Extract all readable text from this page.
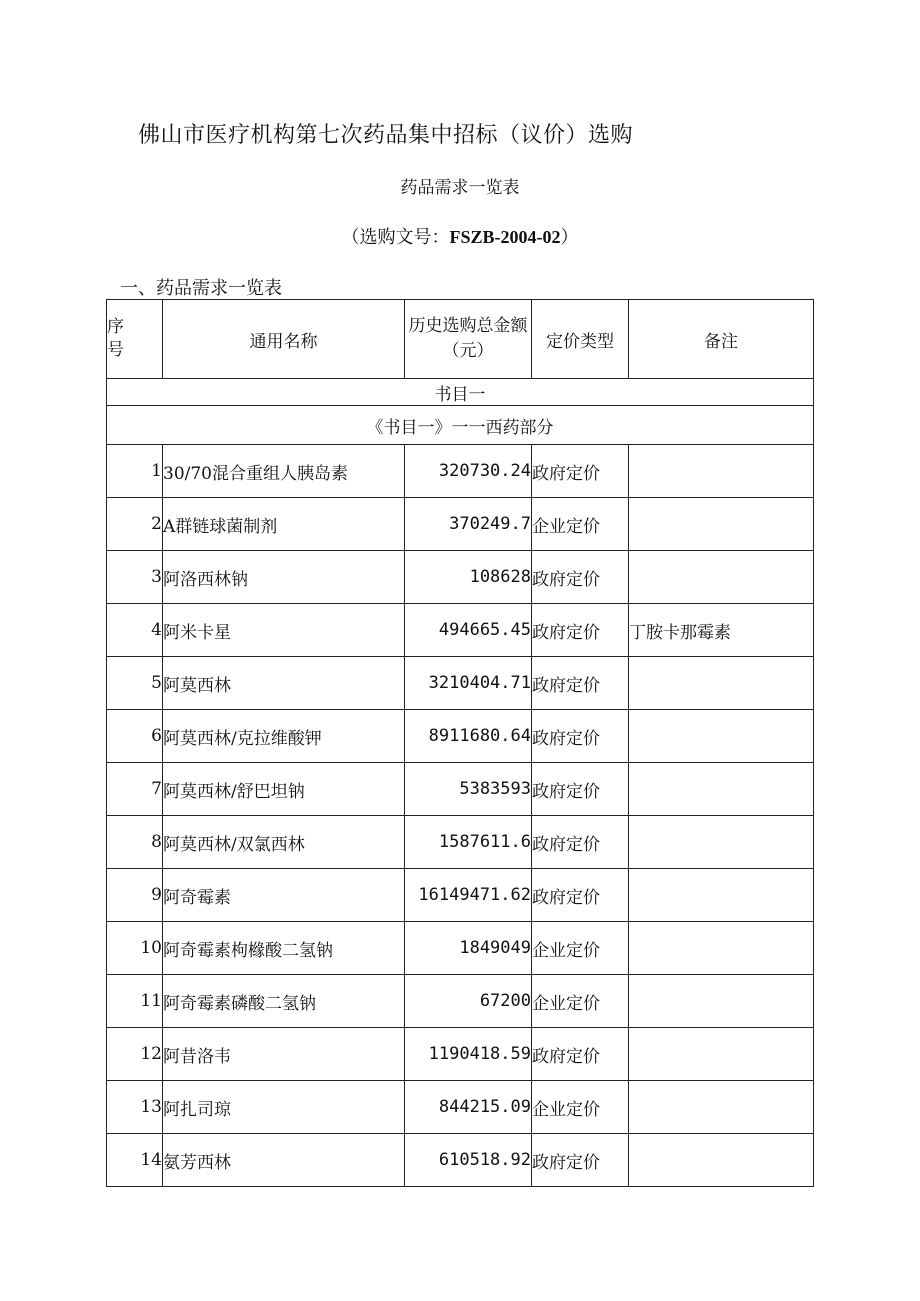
佛山市医疗机构第七次药品集中招标（议价）选购
药品需求一览表
（选购文号：FSZB-2004-02）
一、药品需求一览表
序
号	通用名称	历史选购总金额（元）	定价类型	备注
书目一				
《书目一》一一西药部分				
1	30/70混合重组人胰岛素	320730.24	政府定价	
2	A群链球菌制剂	370249.7	企业定价	
3	阿洛西林钠	108628	政府定价	
4	阿米卡星	494665.45	政府定价	丁胺卡那霉素
5	阿莫西林	3210404.71	政府定价	
6	阿莫西林/克拉维酸钾	8911680.64	政府定价	
7	阿莫西林/舒巴坦钠	5383593	政府定价	
8	阿莫西林/双氯西林	1587611.6	政府定价	
9	阿奇霉素	16149471.62	政府定价	
10	阿奇霉素枸橼酸二氢钠	1849049	企业定价	
11	阿奇霉素磷酸二氢钠	67200	企业定价	
12	阿昔洛韦	1190418.59	政府定价	
13	阿扎司琼	844215.09	企业定价	
14	氨芳西林	610518.92	政府定价	
